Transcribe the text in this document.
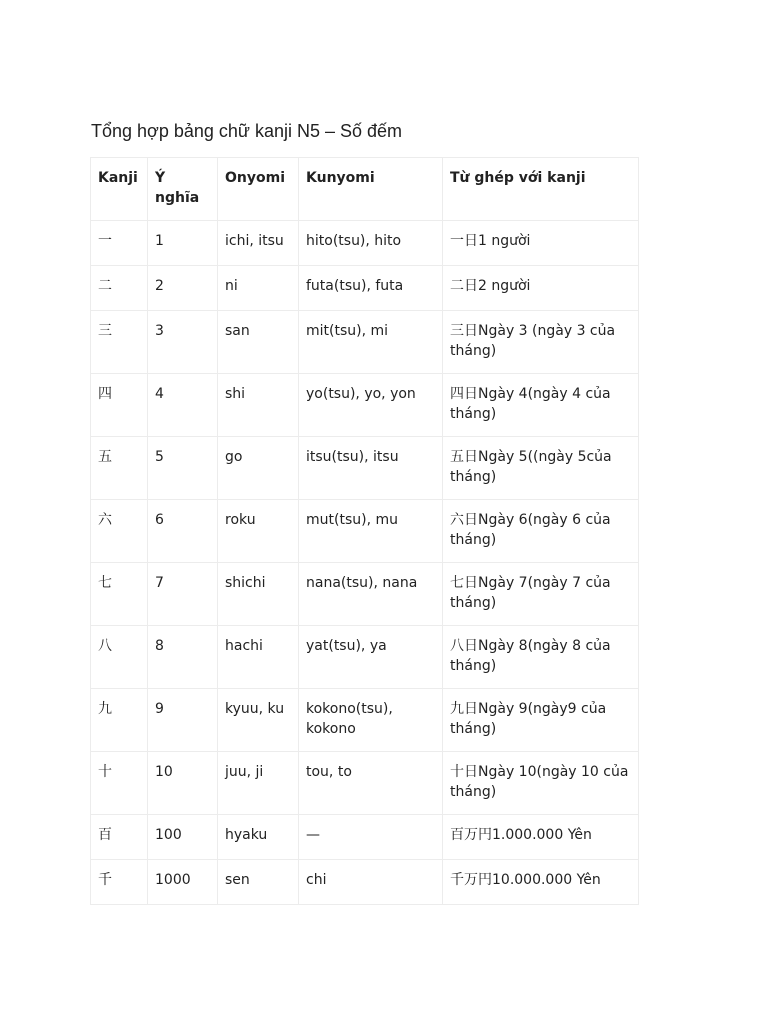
Tổng hợp bảng chữ kanji N5 – Số đếm
Kanji	Ý nghĩa	Onyomi	Kunyomi	Từ ghép với kanji
一	1	ichi, itsu	hito(tsu), hito	一日1 người
二	2	ni	futa(tsu), futa	二日2 người
三	3	san	mit(tsu), mi	三日Ngày 3 (ngày 3 của tháng)
四	4	shi	yo(tsu), yo, yon	四日Ngày 4(ngày 4 của tháng)
五	5	go	itsu(tsu), itsu	五日Ngày 5((ngày 5của tháng)
六	6	roku	mut(tsu), mu	六日Ngày 6(ngày 6 của tháng)
七	7	shichi	nana(tsu), nana	七日Ngày 7(ngày 7 của tháng)
八	8	hachi	yat(tsu), ya	八日Ngày 8(ngày 8 của tháng)
九	9	kyuu, ku	kokono(tsu), kokono	九日Ngày 9(ngày9 của tháng)
十	10	juu, ji	tou, to	十日Ngày 10(ngày 10 của tháng)
百	100	hyaku	—	百万円1.000.000 Yên
千	1000	sen	chi	千万円10.000.000 Yên
